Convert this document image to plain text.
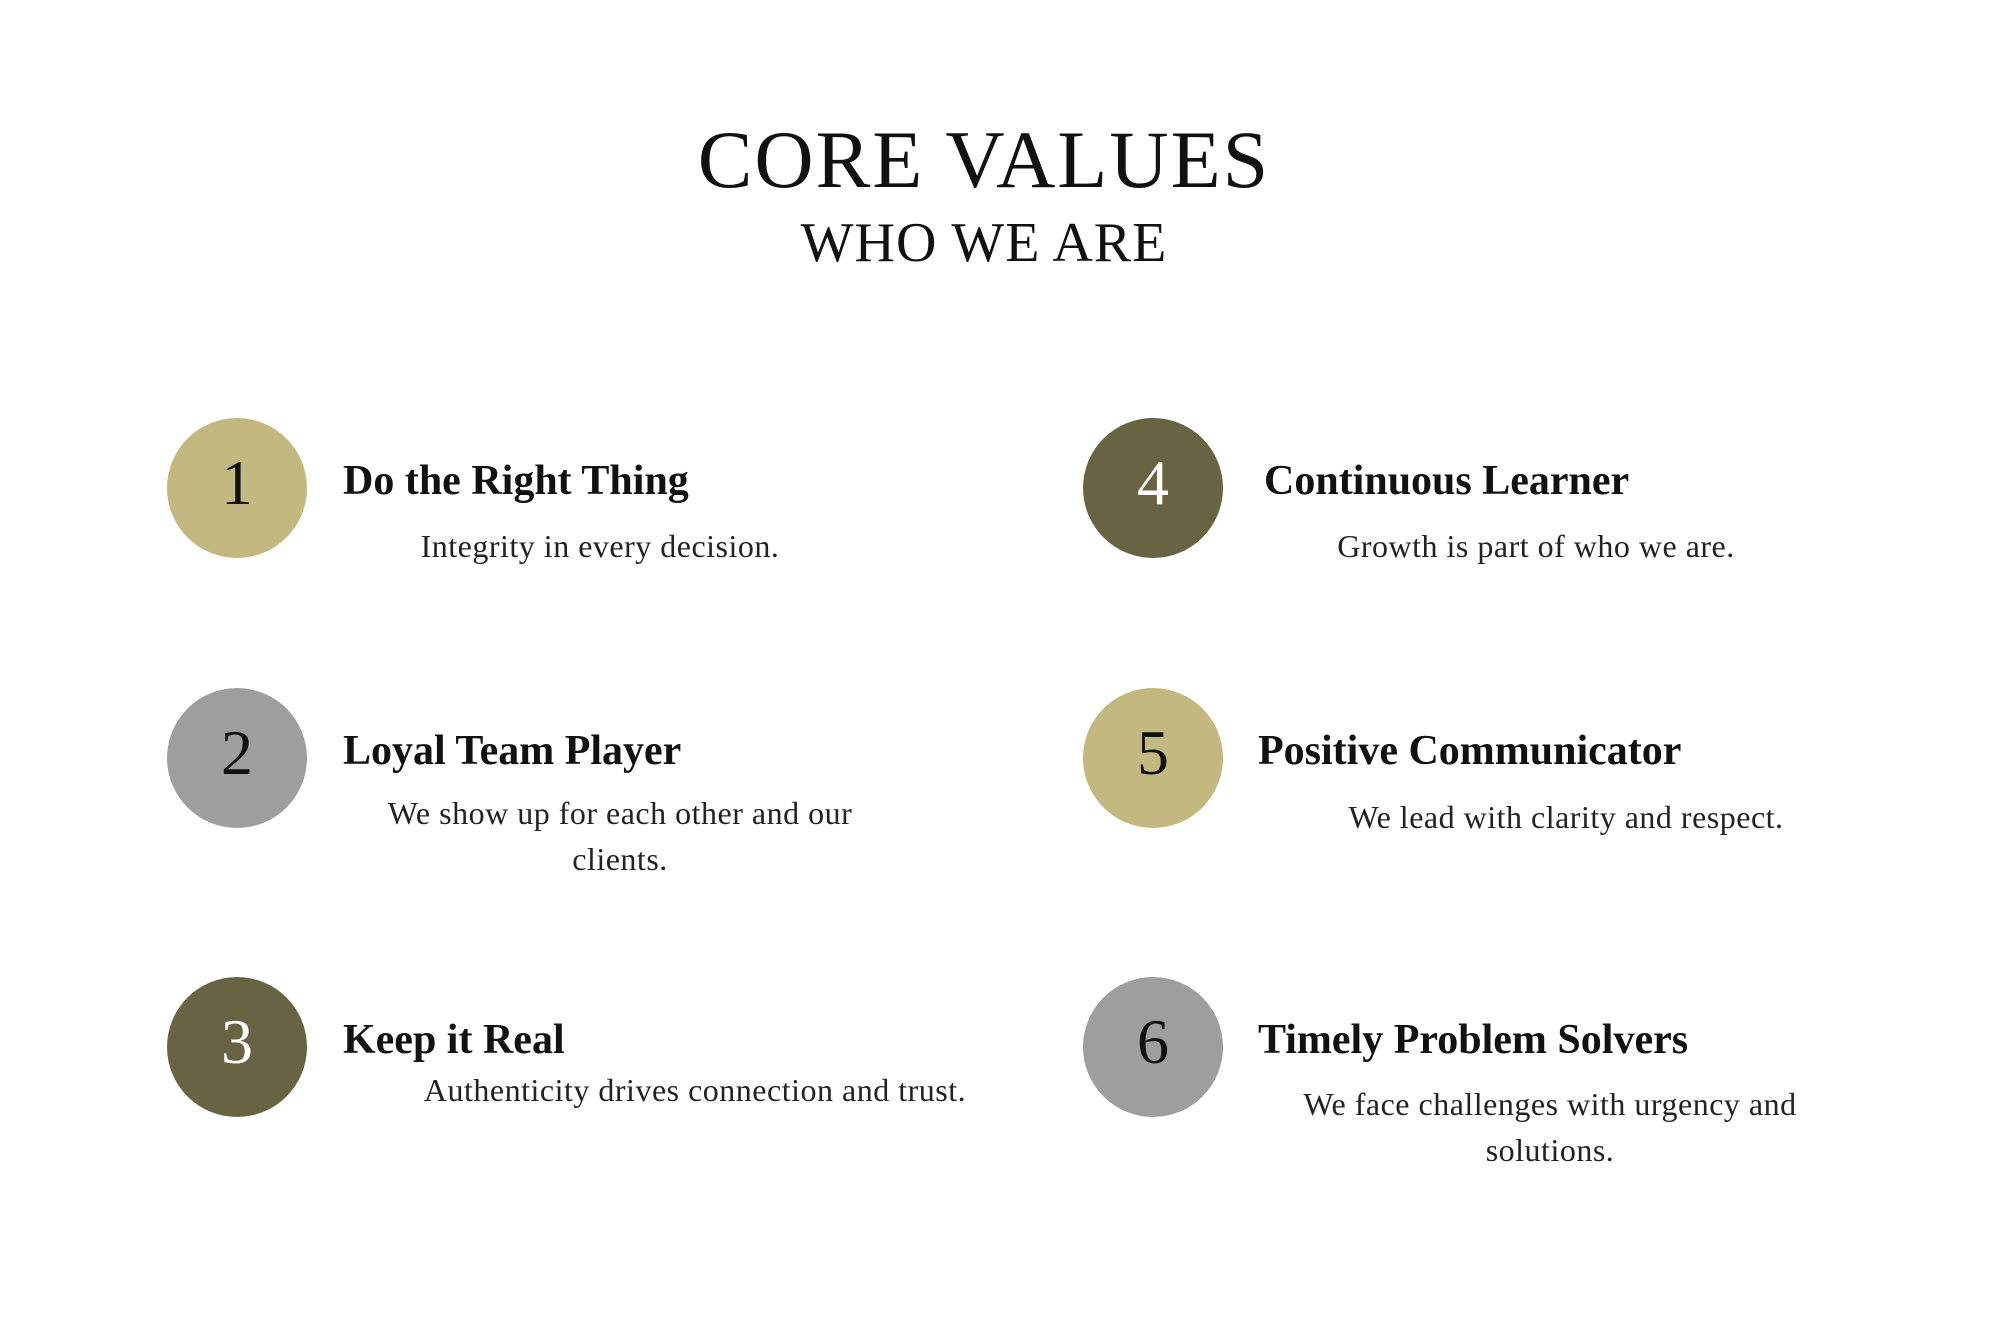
CORE VALUES
WHO WE ARE
1	Do the Right Thing
Integrity in every decision.
2	Loyal Team Player
We show up for each other and our clients.
3	Keep it Real
Authenticity drives connection and trust.
4	Continuous Learner
Growth is part of who we are.
5	Positive Communicator
We lead with clarity and respect.
6	Timely Problem Solvers
We face challenges with urgency and solutions.
